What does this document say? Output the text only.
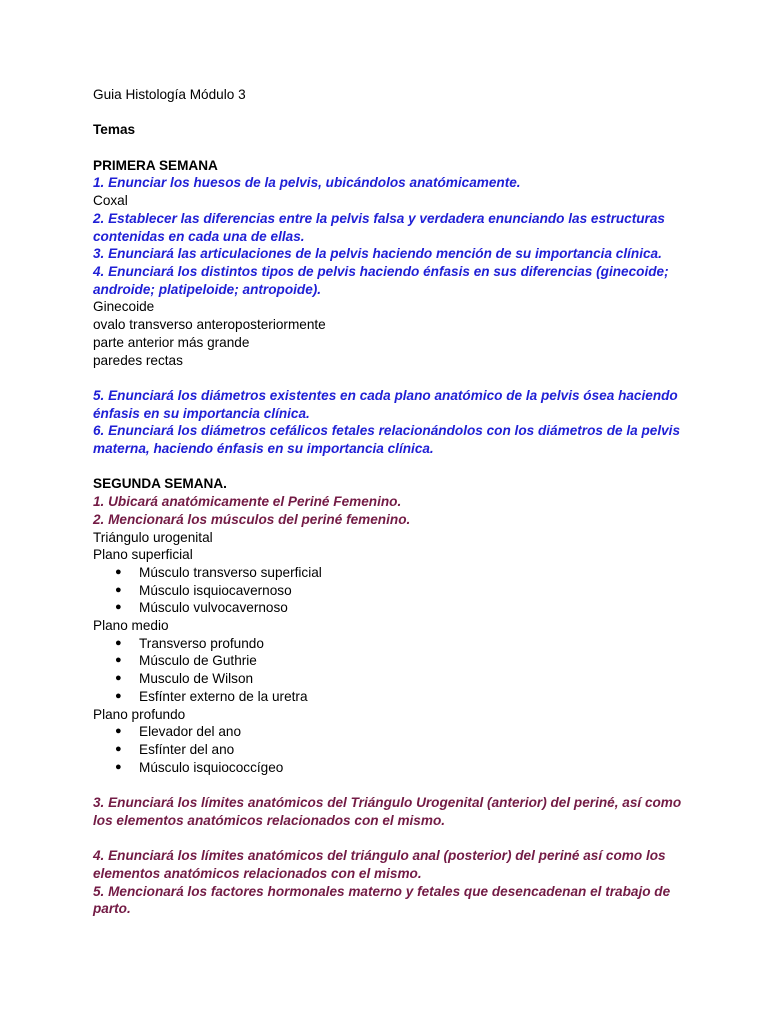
Guia Histología Módulo 3
Temas
PRIMERA SEMANA
1. Enunciar los huesos de la pelvis, ubicándolos anatómicamente.
Coxal
2. Establecer las diferencias entre la pelvis falsa y verdadera enunciando las estructuras contenidas en cada una de ellas.
3. Enunciará las articulaciones de la pelvis haciendo mención de su importancia clínica.
4. Enunciará los distintos tipos de pelvis haciendo énfasis en sus diferencias (ginecoide; androide; platipeloide; antropoide).
Ginecoide
ovalo transverso anteroposteriormente
parte anterior más grande
paredes rectas
5. Enunciará los diámetros existentes en cada plano anatómico de la pelvis ósea haciendo énfasis en su importancia clínica.
6. Enunciará los diámetros cefálicos fetales relacionándolos con los diámetros de la pelvis materna, haciendo énfasis en su importancia clínica.
SEGUNDA SEMANA.
1. Ubicará anatómicamente el Periné Femenino.
2. Mencionará los músculos del periné femenino.
Triángulo urogenital
Plano superficial
● Músculo transverso superficial
● Músculo isquiocavernoso
● Músculo vulvocavernoso
Plano medio
● Transverso profundo
● Músculo de Guthrie
● Musculo de Wilson
● Esfínter externo de la uretra
Plano profundo
● Elevador del ano
● Esfínter del ano
● Músculo isquiococcígeo
3. Enunciará los límites anatómicos del Triángulo Urogenital (anterior) del periné, así como los elementos anatómicos relacionados con el mismo.
4. Enunciará los límites anatómicos del triángulo anal (posterior) del periné así como los elementos anatómicos relacionados con el mismo.
5. Mencionará los factores hormonales materno y fetales que desencadenan el trabajo de parto.
